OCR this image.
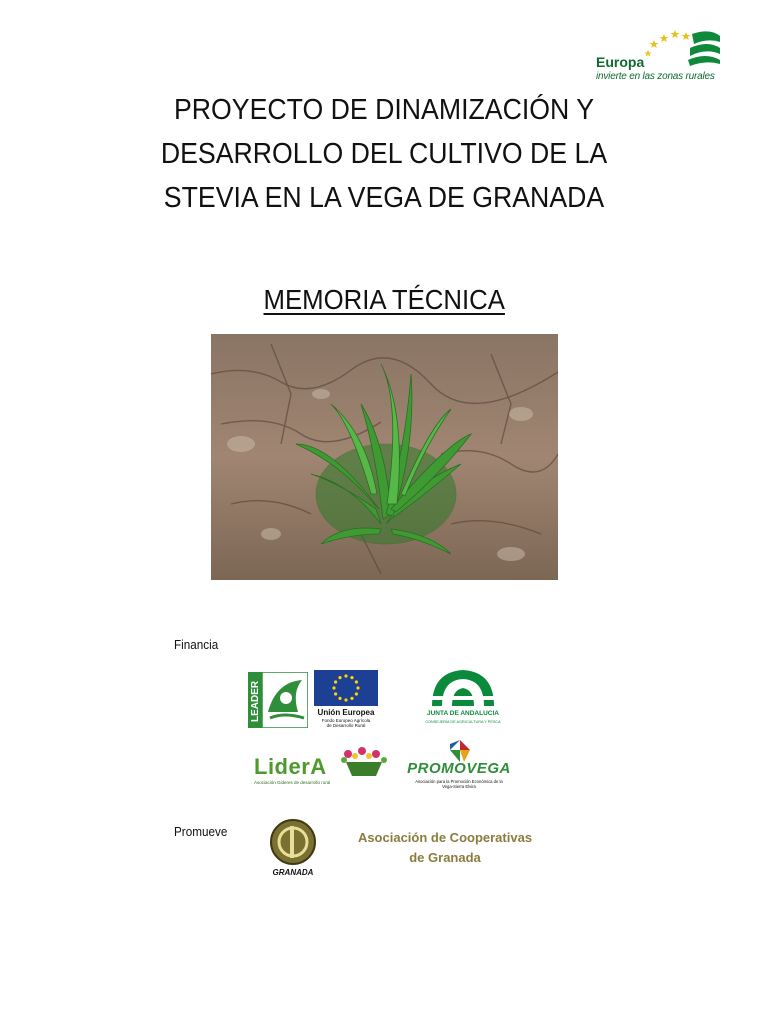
Europa
invierte en las zonas rurales
PROYECTO DE DINAMIZACIÓN Y
DESARROLLO DEL CULTIVO DE LA
STEVIA EN LA VEGA DE GRANADA
MEMORIA TÉCNICA
Financia
LEADER	Unión Europea
Fondo Europeo Agrícola
de Desarrollo Rural
JUNTA DE ANDALUCIA
CONSEJERÍA DE AGRICULTURA Y PESCA
LiderA
Asociación Gideres de desarrollo rural
PROMOVEGA
Asociación para la Promoción Económica de la
Vega-Sierra Elvira
Promueve
GRANADA
Asociación de Cooperativas
de Granada
